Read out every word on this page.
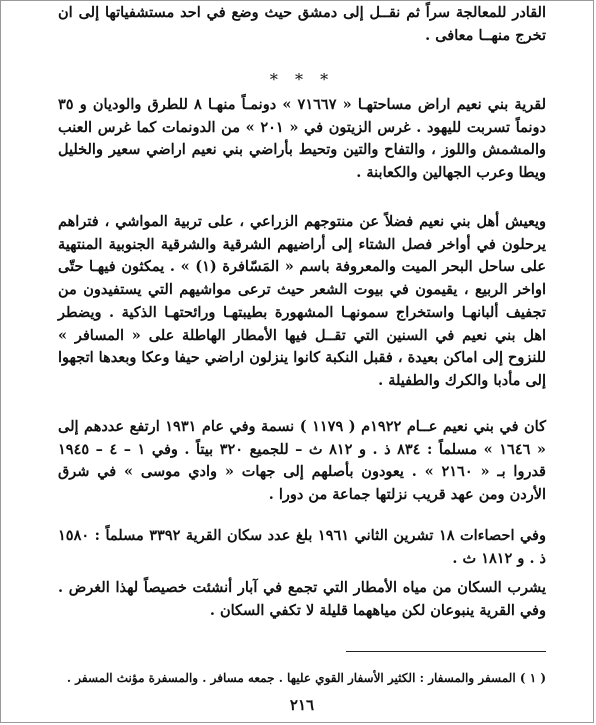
القادر للمعالجة سراً ثم نقــل إلى دمشق حيث وضع في احد مستشفياتها إلى ان تخرج منهــا معافى .

* * *

لقرية بني نعيم اراض مساحتهـا « ٧١٦٦٧ » دونمـاً منهـا ٨ للطرق والوديان و ٣٥ دونماً تسربت لليهود . غرس الزيتون في « ٢٠١ » من الدونمات كما غرس العنب والمشمش واللوز ، والتفاح والتين وتحيط بأراضي بني نعيم اراضي سعير والخليل ويطا وعرب الجهالين والكعابنة .

ويعيش أهل بني نعيم فضلاً عن منتوجهم الزراعي ، على تربية المواشي ، فتراهم يرحلون في أواخر فصل الشتاء إلى أراضيهم الشرقية والشرقية الجنوبية المنتهية على ساحل البحر الميت والمعروفة باسم « المَسّافرة (١) » . يمكثون فيهـا حتّى اواخر الربيع ، يقيمون في بيوت الشعر حيث ترعى مواشيهم التي يستفيدون من تجفيف ألبانهـا واستخراج سمونهـا المشهورة بطيبتهـا ورائحتهـا الذكية . ويضطر اهل بني نعيم في السنين التي تقــل فيها الأمطار الهاطلة على « المسافر » للنزوح إلى اماكن بعيدة ، فقبل النكبة كانوا ينزلون اراضي حيفا وعكا وبعدها اتجهوا إلى مأدبا والكرك والطفيلة .

كان في بني نعيم عــام ١٩٢٢م ( ١١٧٩ ) نسمة وفي عام ١٩٣١ ارتفع عددهم إلى « ١٦٤٦ » مسلماً : ٨٣٤ ذ . و ٨١٢ ث – للجميع ٣٢٠ بيتاً . وفي ١ – ٤ – ١٩٤٥ قدروا بـ « ٢١٦٠ » . يعودون بأصلهم إلى جهات « وادي موسى » في شرق الأردن ومن عهد قريب نزلتها جماعة من دورا .

وفي احصاءات ١٨ تشرين الثاني ١٩٦١ بلغ عدد سكان القرية ٣٣٩٢ مسلماً : ١٥٨٠ ذ . و ١٨١٢ ث .

يشرب السكان من مياه الأمطار التي تجمع في آبار أنشئت خصيصاً لهذا الغرض . وفي القرية ينبوعان لكن مياههما قليلة لا تكفي السكان .

( ١ ) المسفر والمسفار : الكثير الأسفار القوي عليها . جمعه مسافر . والمسفرة مؤنث المسفر .

٢١٦
